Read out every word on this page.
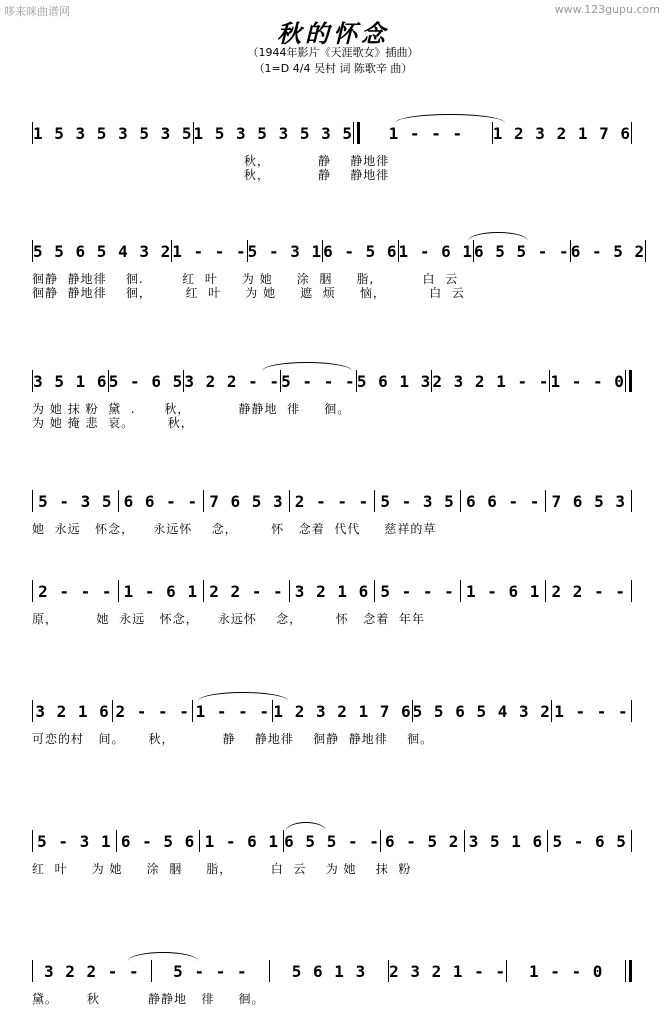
哆来咪曲谱网	www.123gupu.com
秋的怀念
（1944年影片《天涯歌女》插曲）
（1=D 4/4 吴村 词 陈歌辛 曲）
1 5 3 5 3 5 3 5 1 5 3 5 3 5 3 5	1 - - -	1 2 3 2 1 7 6
秋，          静    静地徘
秋，          静    静地徘
5 5 6 5 4 3 2 1 - - - 5 - 3 1 6 - 5 6 1 - 6 1 6 5 5 - - 6 - 5 2
徊静  静地徘    徊.        红  叶     为 她     涂  胭     脂,          白  云
徊静  静地徘    徊，       红  叶     为 她     遮  烦     恼，         白  云
3 5 1 6 5 - 6 5 3 2 2 - - 5 - - - 5 6 1 3 2 3 2 1 - - 1 - - 0
为 她 抹 粉  黛  .      秋，          静静地  徘     徊。
为 她 掩 悲  哀。       秋，
5 - 3 5 6 6 - - 7 6 5 3 2 - - - 5 - 3 5 6 6 - - 7 6 5 3
她  永远   怀念，    永远怀    念，       怀   念着  代代     慈祥的草
2 - - - 1 - 6 1 2 2 - - 3 2 1 6 5 - - - 1 - 6 1 2 2 - -
原，        她  永远   怀念，    永远怀    念，       怀   念着  年年
3 2 1 6 2 - - - 1 - - - 1 2 3 2 1 7 6 5 5 6 5 4 3 2 1 - - -
可恋的村   间。     秋，          静    静地徘    徊静  静地徘    徊。
5 - 3 1 6 - 5 6 1 - 6 1 6 5 5 - - 6 - 5 2 3 5 1 6 5 - 6 5
红  叶     为 她     涂  胭     脂，        白  云    为 她    抹  粉
3 2 2 - -	5 - - -	5 6 1 3	2 3 2 1 - -	1 - - 0
黛。      秋          静静地   徘     徊。
